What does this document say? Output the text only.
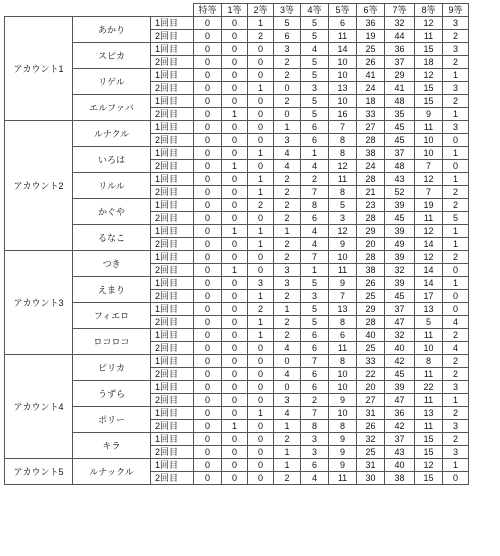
			特等	1等	2等	3等	4等	5等	6等	7等	8等	9等
アカウント1	あかり	1回目	0	0	1	5	5	6	36	32	12	3
		2回目	0	0	2	6	5	11	19	44	11	2
	スピカ	1回目	0	0	0	3	4	14	25	36	15	3
		2回目	0	0	0	2	5	10	26	37	18	2
	リゲル	1回目	0	0	0	2	5	10	41	29	12	1
		2回目	0	0	1	0	3	13	24	41	15	3
	エルファバ	1回目	0	0	0	2	5	10	18	48	15	2
		2回目	0	1	0	0	5	16	33	35	9	1
アカウント2	ルナクル	1回目	0	0	0	1	6	7	27	45	11	3
		2回目	0	0	0	3	6	8	28	45	10	0
	いろは	1回目	0	0	1	4	1	8	38	37	10	1
		2回目	0	1	0	4	4	12	24	48	7	0
	リルル	1回目	0	0	1	2	2	11	28	43	12	1
		2回目	0	0	1	2	7	8	21	52	7	2
	かぐや	1回目	0	0	2	2	8	5	23	39	19	2
		2回目	0	0	0	2	6	3	28	45	11	5
	るなこ	1回目	0	1	1	1	4	12	29	39	12	1
		2回目	0	0	1	2	4	9	20	49	14	1
アカウント3	つき	1回目	0	0	0	2	7	10	28	39	12	2
		2回目	0	1	0	3	1	11	38	32	14	0
	えまり	1回目	0	0	3	3	5	9	26	39	14	1
		2回目	0	0	1	2	3	7	25	45	17	0
	フィエロ	1回目	0	0	2	1	5	13	29	37	13	0
		2回目	0	0	1	2	5	8	28	47	5	4
	ロコロコ	1回目	0	0	1	2	6	6	40	32	11	2
		2回目	0	0	0	4	6	11	25	40	10	4
アカウント4	ピリカ	1回目	0	0	0	0	7	8	33	42	8	2
		2回目	0	0	0	4	6	10	22	45	11	2
	うずら	1回目	0	0	0	0	6	10	20	39	22	3
		2回目	0	0	0	3	2	9	27	47	11	1
	ポリー	1回目	0	0	1	4	7	10	31	36	13	2
		2回目	0	1	0	1	8	8	26	42	11	3
	キラ	1回目	0	0	0	2	3	9	32	37	15	2
		2回目	0	0	0	1	3	9	25	43	15	3
アカウント5	ルナックル	1回目	0	0	0	1	6	9	31	40	12	1
		2回目	0	0	0	2	4	11	30	38	15	0
